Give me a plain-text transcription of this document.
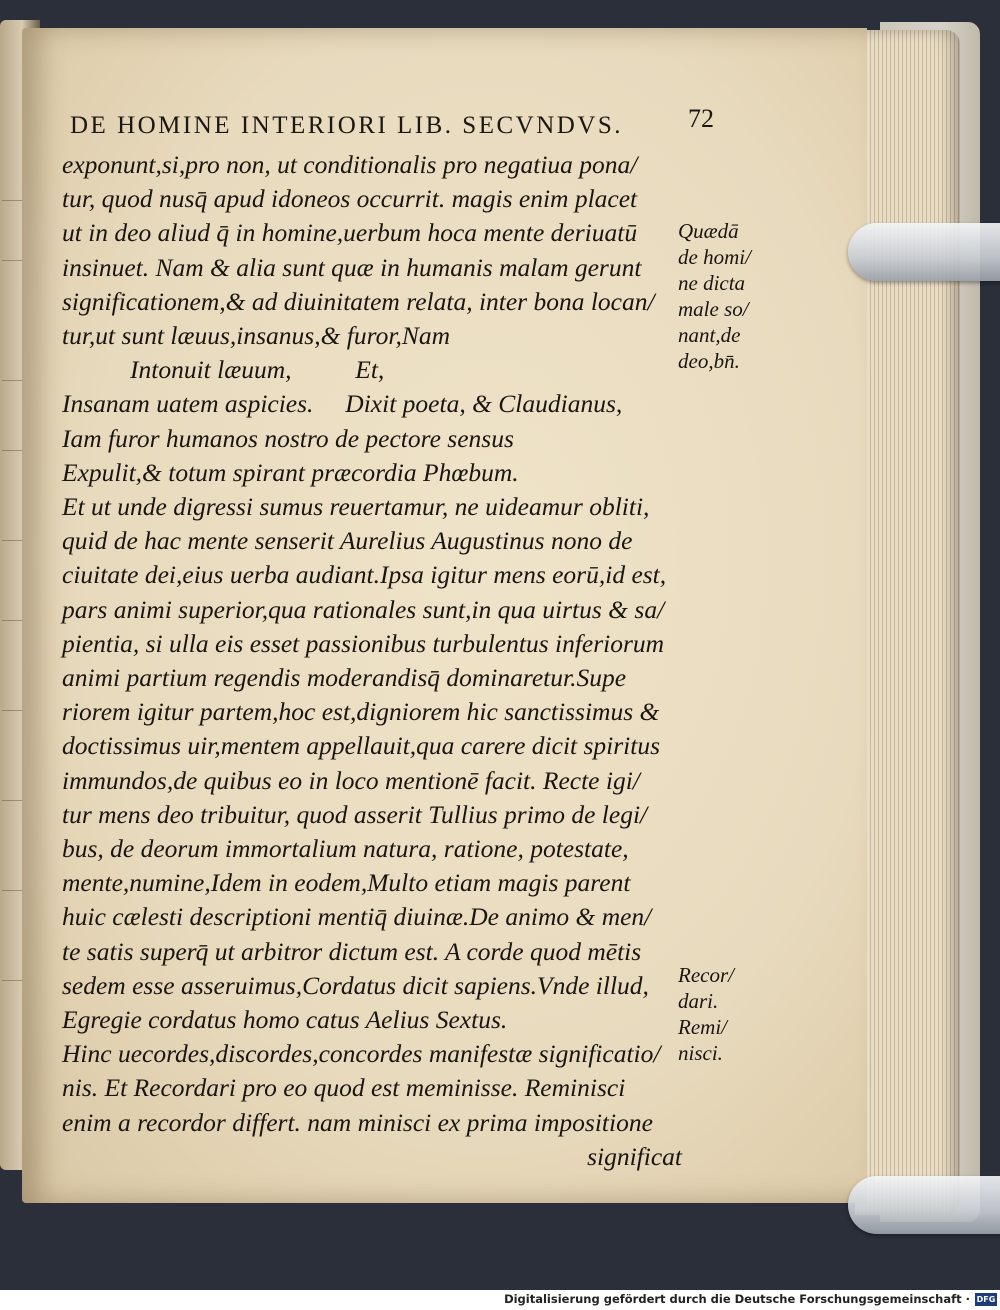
DE HOMINE INTERIORI LIB. SECVNDVS. 72
exponunt,si,pro non, ut conditionalis pro negatiua pona/
tur, quod nusq̄ apud idoneos occurrit. magis enim placet
ut in deo aliud q̄ in homine,uerbum hoca mente deriuatū
insinuet. Nam & alia sunt quæ in humanis malam gerunt
significationem,& ad diuinitatem relata, inter bona locan/
tur,ut sunt læuus,insanus,& furor,Nam
Intonuit læuum,          Et,
Insanam uatem aspicies.     Dixit poeta, & Claudianus,
Iam furor humanos nostro de pectore sensus
Expulit,& totum spirant præcordia Phœbum.
Et ut unde digressi sumus reuertamur, ne uideamur obliti,
quid de hac mente senserit Aurelius Augustinus nono de
ciuitate dei,eius uerba audiant.Ipsa igitur mens eorū,id est,
pars animi superior,qua rationales sunt,in qua uirtus & sa/
pientia, si ulla eis esset passionibus turbulentus inferiorum
animi partium regendis moderandisq̄ dominaretur.Supe
riorem igitur partem,hoc est,digniorem hic sanctissimus &
doctissimus uir,mentem appellauit,qua carere dicit spiritus
immundos,de quibus eo in loco mentionē facit. Recte igi/
tur mens deo tribuitur, quod asserit Tullius primo de legi/
bus, de deorum immortalium natura, ratione, potestate,
mente,numine,Idem in eodem,Multo etiam magis parent
huic cælesti descriptioni mentiq̄ diuinæ.De animo & men/
te satis superq̄ ut arbitror dictum est. A corde quod mētis
sedem esse asseruimus,Cordatus dicit sapiens.Vnde illud,
Egregie cordatus homo catus Aelius Sextus.
Hinc uecordes,discordes,concordes manifestæ significatio/
nis. Et Recordari pro eo quod est meminisse. Reminisci
enim a recordor differt. nam minisci ex prima impositione
significat
Quædā
de homi/
ne dicta
male so/
nant,de
deo,bn̄.
Recor/
dari.
Remi/
nisci.
Digitalisierung gefördert durch die Deutsche Forschungsgemeinschaft · DFG
